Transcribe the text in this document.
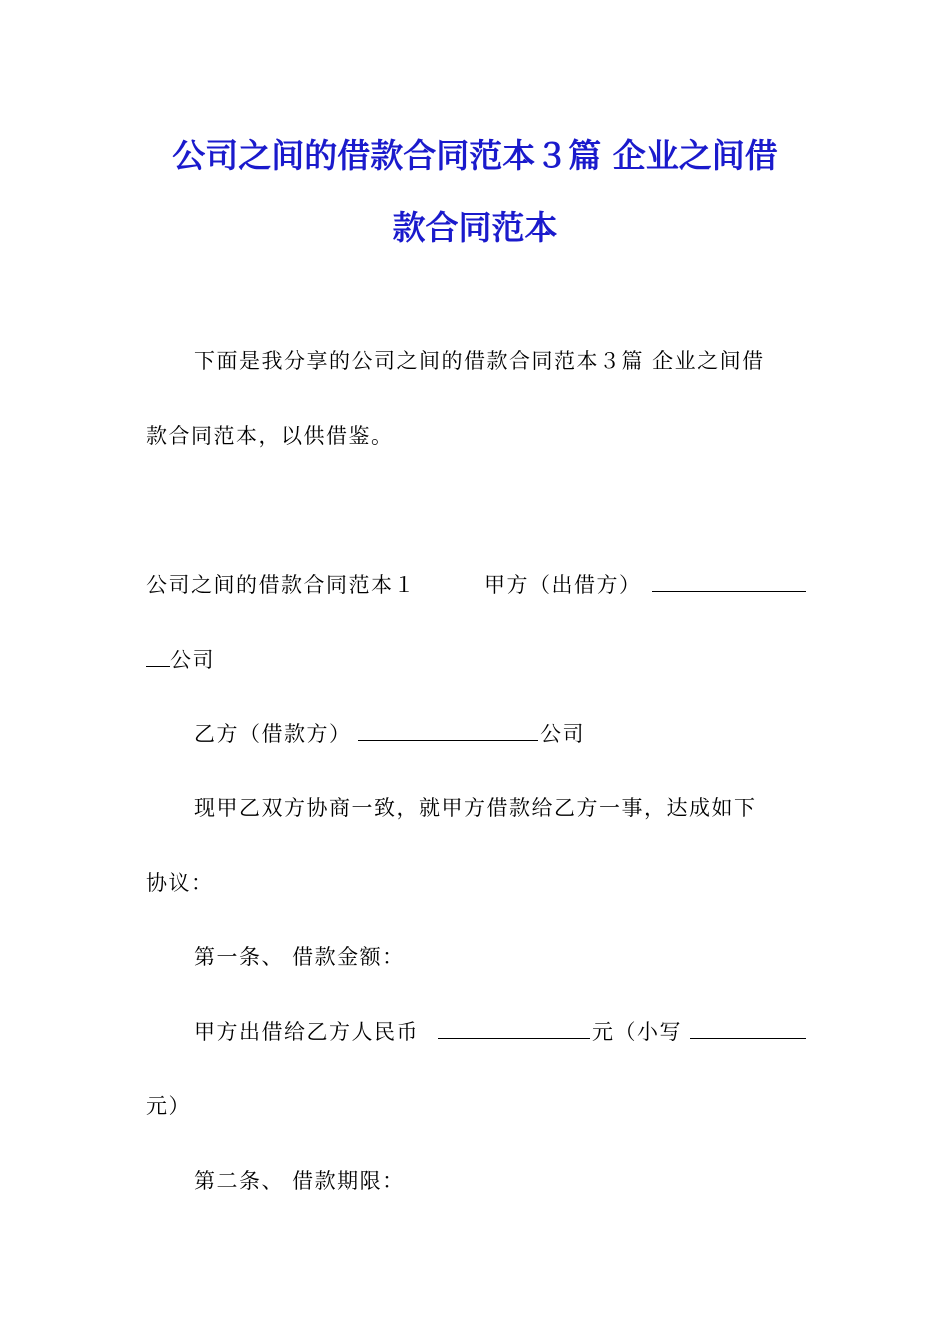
公司之间的借款合同范本３篇 企业之间借
款合同范本
下面是我分享的公司之间的借款合同范本３篇 企业之间借
款合同范本，以供借鉴。
公司之间的借款合同范本１	甲方（出借方）
公司
乙方（借款方）	公司
现甲乙双方协商一致，就甲方借款给乙方一事，达成如下
协议：
第一条、 借款金额：
甲方出借给乙方人民币	元（小写
元）
第二条、 借款期限：
